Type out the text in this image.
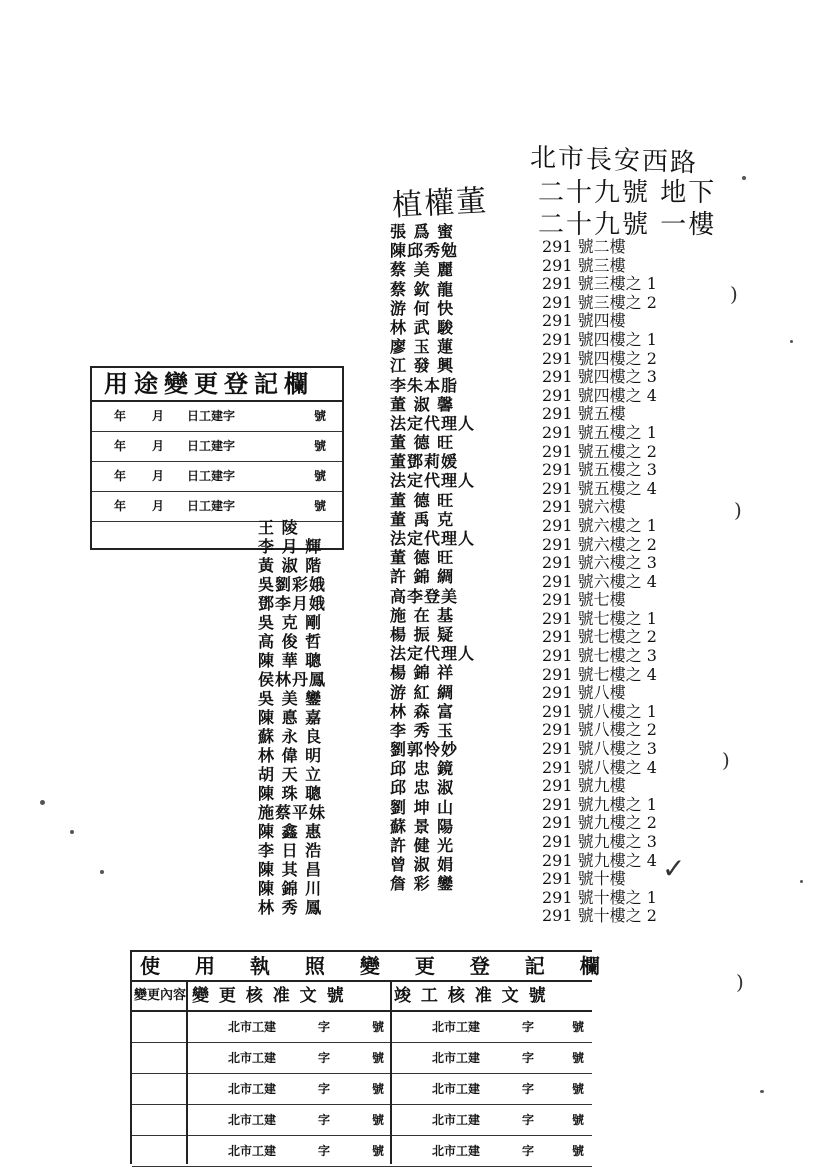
北市長安西路
二十九號 地下
二十九號 一樓
植權董
用途變更登記欄
年 月 日工建字	號
年 月 日工建字	號
年 月 日工建字	號
年 月 日工建字	號
王 陵
李 月 輝
黃 淑 階
吳劉彩娥
鄧李月娥
吳 克 剛
高 俊 哲
陳 華 聰
侯林丹鳳
吳 美 鑾
陳 悳 嘉
蘇 永 良
林 偉 明
胡 天 立
陳 珠 聰
施蔡平妹
陳 鑫 惠
李 日 浩
陳 其 昌
陳 錦 川
林 秀 鳳
張 爲 蜜
陳邱秀勉
蔡 美 麗
蔡 欽 龍
游 何 快
林 武 駿
廖 玉 蓮
江 發 興
李朱本脂
董 淑 馨
法定代理人
董 德 旺
董鄧莉媛
法定代理人
董 德 旺
董 禹 克
法定代理人
董 德 旺
許 錦 綢
高李登美
施 在 基
楊 振 疑
法定代理人
楊 錦 祥
游 紅 綢
林 森 富
李 秀 玉
劉郭怜妙
邱 忠 鏡
邱 忠 淑
劉 坤 山
蘇 景 陽
許 健 光
曾 淑 娟
詹 彩 鑾
291 號二樓
291 號三樓
291 號三樓之 1
291 號三樓之 2
291 號四樓
291 號四樓之 1
291 號四樓之 2
291 號四樓之 3
291 號四樓之 4
291 號五樓
291 號五樓之 1
291 號五樓之 2
291 號五樓之 3
291 號五樓之 4
291 號六樓
291 號六樓之 1
291 號六樓之 2
291 號六樓之 3
291 號六樓之 4
291 號七樓
291 號七樓之 1
291 號七樓之 2
291 號七樓之 3
291 號七樓之 4
291 號八樓
291 號八樓之 1
291 號八樓之 2
291 號八樓之 3
291 號八樓之 4
291 號九樓
291 號九樓之 1
291 號九樓之 2
291 號九樓之 3
291 號九樓之 4
291 號十樓
291 號十樓之 1
291 號十樓之 2
使 用 執 照 變 更 登 記 欄
變更內容 變 更 核 准 文 號	竣 工 核 准 文 號
北市工建	字	號	北市工建	字	號
北市工建	字	號	北市工建	字	號
北市工建	字	號	北市工建	字	號
北市工建	字	號	北市工建	字	號
北市工建	字	號	北市工建	字	號
)
)
)
)
✓
